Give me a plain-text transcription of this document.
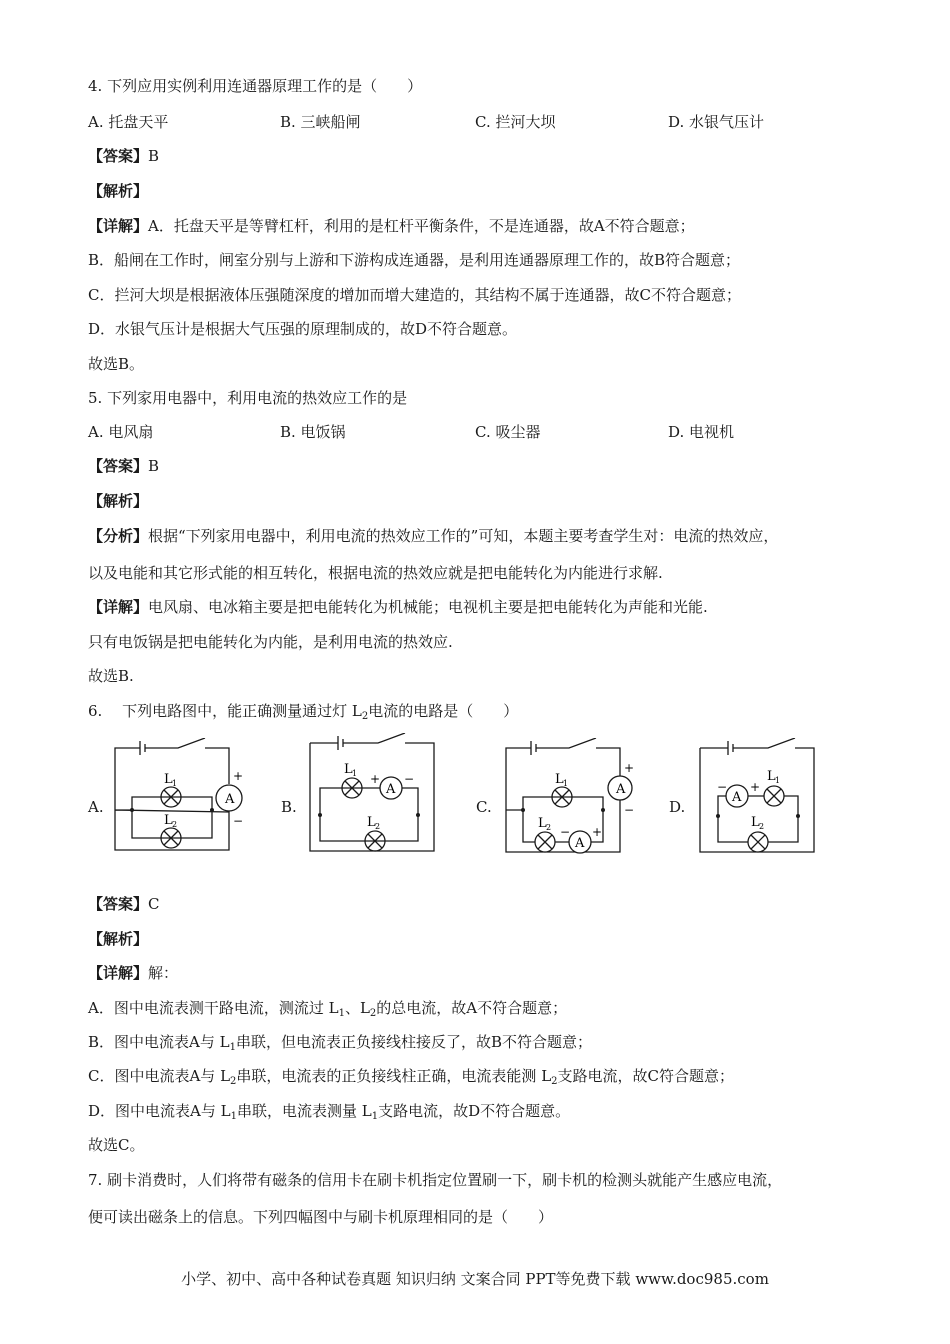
4. 下列应用实例利用连通器原理工作的是（　　）
A. 托盘天平	B. 三峡船闸	C. 拦河大坝	D. 水银气压计
【答案】B
【解析】
【详解】A．托盘天平是等臂杠杆，利用的是杠杆平衡条件，不是连通器，故A不符合题意；
B．船闸在工作时，闸室分别与上游和下游构成连通器，是利用连通器原理工作的，故B符合题意；
C．拦河大坝是根据液体压强随深度的增加而增大建造的，其结构不属于连通器，故C不符合题意；
D．水银气压计是根据大气压强的原理制成的，故D不符合题意。
故选B。
5. 下列家用电器中，利用电流的热效应工作的是
A. 电风扇	B. 电饭锅	C. 吸尘器	D. 电视机
【答案】B
【解析】
【分析】根据“下列家用电器中，利用电流的热效应工作的”可知，本题主要考查学生对：电流的热效应，
以及电能和其它形式能的相互转化，根据电流的热效应就是把电能转化为内能进行求解.
【详解】电风扇、电冰箱主要是把电能转化为机械能；电视机主要是把电能转化为声能和光能.
只有电饭锅是把电能转化为内能，是利用电流的热效应.
故选B.
6.　 下列电路图中，能正确测量通过灯 $L_2$电流的电路是（　　）
A.	B.	C.	D.
A
+
−
L 1
L 2
A
+ −
L 1
L 2
A
+
−
A
− +
L 1
L 2
A
− +
L 1
L 2
【答案】C
【解析】
【详解】解：
A．图中电流表测干路电流，测流过 $L_1$、$L_2$的总电流，故A不符合题意；
B．图中电流表A与 $L_1$串联，但电流表正负接线柱接反了，故B不符合题意；
C．图中电流表A与 $L_2$串联，电流表的正负接线柱正确，电流表能测 $L_2$支路电流，故C符合题意；
D．图中电流表A与 $L_1$串联，电流表测量 $L_1$支路电流，故D不符合题意。
故选C。
7. 刷卡消费时，人们将带有磁条的信用卡在刷卡机指定位置刷一下，刷卡机的检测头就能产生感应电流，
便可读出磁条上的信息。下列四幅图中与刷卡机原理相同的是（　　）
小学、初中、高中各种试卷真题 知识归纳 文案合同 PPT等免费下载 www.doc985.com
